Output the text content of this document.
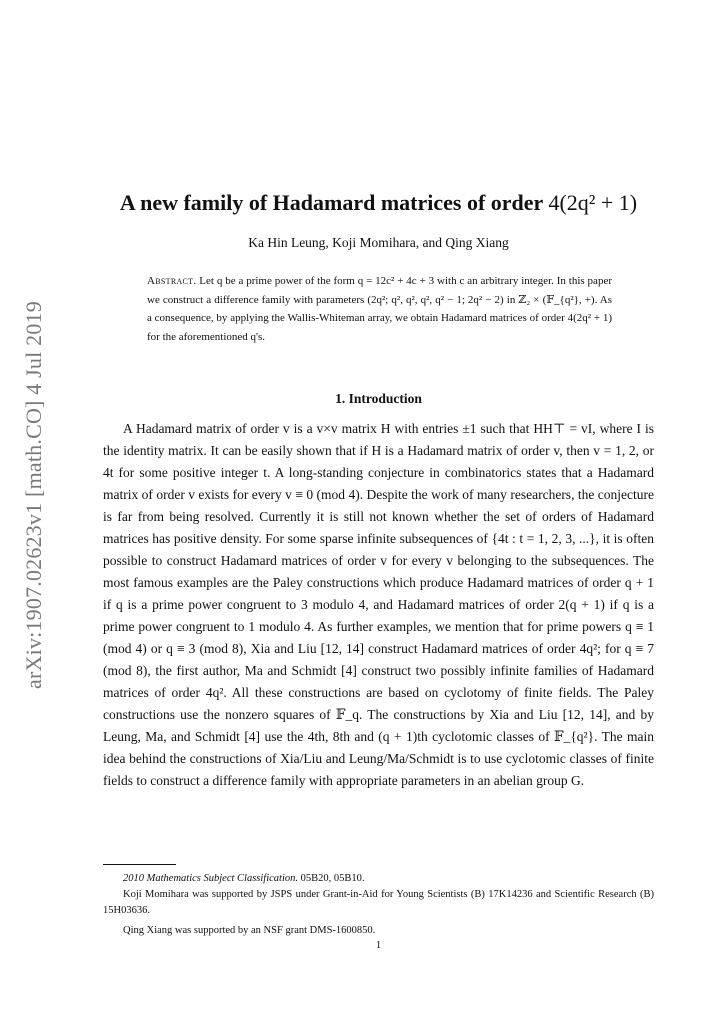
arXiv:1907.02623v1 [math.CO] 4 Jul 2019
A new family of Hadamard matrices of order 4(2q² + 1)
Ka Hin Leung, Koji Momihara, and Qing Xiang
Abstract. Let q be a prime power of the form q = 12c² + 4c + 3 with c an arbitrary integer. In this paper we construct a difference family with parameters (2q²; q², q², q², q² − 1; 2q² − 2) in ℤ₂ × (𝔽_{q²}, +). As a consequence, by applying the Wallis-Whiteman array, we obtain Hadamard matrices of order 4(2q² + 1) for the aforementioned q's.
1. Introduction
A Hadamard matrix of order v is a v×v matrix H with entries ±1 such that HH⊤ = vI, where I is the identity matrix. It can be easily shown that if H is a Hadamard matrix of order v, then v = 1, 2, or 4t for some positive integer t. A long-standing conjecture in combinatorics states that a Hadamard matrix of order v exists for every v ≡ 0 (mod 4). Despite the work of many researchers, the conjecture is far from being resolved. Currently it is still not known whether the set of orders of Hadamard matrices has positive density. For some sparse infinite subsequences of {4t : t = 1, 2, 3, ...}, it is often possible to construct Hadamard matrices of order v for every v belonging to the subsequences. The most famous examples are the Paley constructions which produce Hadamard matrices of order q + 1 if q is a prime power congruent to 3 modulo 4, and Hadamard matrices of order 2(q + 1) if q is a prime power congruent to 1 modulo 4. As further examples, we mention that for prime powers q ≡ 1 (mod 4) or q ≡ 3 (mod 8), Xia and Liu [12, 14] construct Hadamard matrices of order 4q²; for q ≡ 7 (mod 8), the first author, Ma and Schmidt [4] construct two possibly infinite families of Hadamard matrices of order 4q². All these constructions are based on cyclotomy of finite fields. The Paley constructions use the nonzero squares of 𝔽_q. The constructions by Xia and Liu [12, 14], and by Leung, Ma, and Schmidt [4] use the 4th, 8th and (q + 1)th cyclotomic classes of 𝔽_{q²}. The main idea behind the constructions of Xia/Liu and Leung/Ma/Schmidt is to use cyclotomic classes of finite fields to construct a difference family with appropriate parameters in an abelian group G.

2010 Mathematics Subject Classification. 05B20, 05B10.

Koji Momihara was supported by JSPS under Grant-in-Aid for Young Scientists (B) 17K14236 and Scientific Research (B) 15H03636.

Qing Xiang was supported by an NSF grant DMS-1600850.

1
